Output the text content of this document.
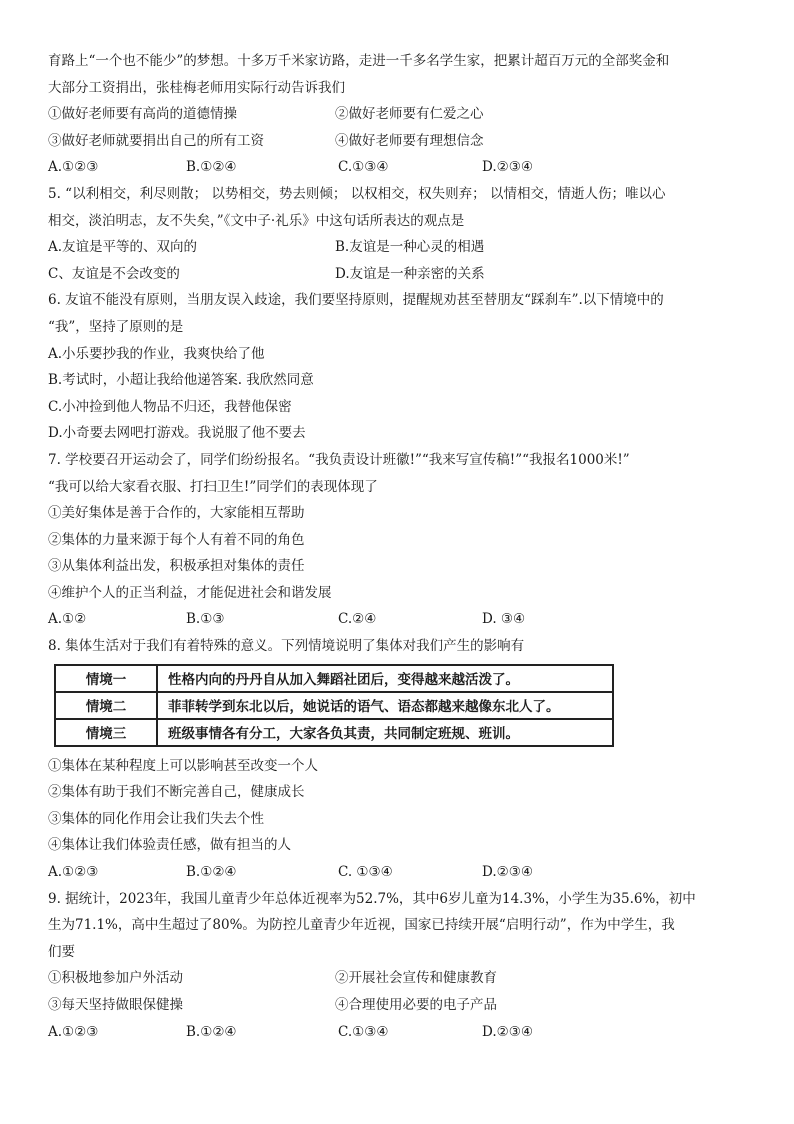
育路上“一个也不能少”的梦想。十多万千米家访路，走进一千多名学生家，把累计超百万元的全部奖金和
大部分工资捐出，张桂梅老师用实际行动告诉我们
①做好老师要有高尚的道德情操	②做好老师要有仁爱之心
③做好老师就要捐出自己的所有工资	④做好老师要有理想信念
A.①②③	B.①②④	C.①③④	D.②③④
5. “以利相交，利尽则散； 以势相交，势去则倾； 以权相交，权失则弃； 以情相交，情逝人伤；唯以心
相交，淡泊明志，友不失矣，”《文中子·礼乐》中这句话所表达的观点是
A.友谊是平等的、双向的	B.友谊是一种心灵的相遇
C、友谊是不会改变的	D.友谊是一种亲密的关系
6. 友谊不能没有原则，当朋友误入歧途，我们要坚持原则，提醒规劝甚至替朋友“踩刹车”.以下情境中的
“我”，坚持了原则的是
A.小乐要抄我的作业，我爽快给了他
B.考试时，小超让我给他递答案. 我欣然同意
C.小冲捡到他人物品不归还，我替他保密
D.小奇要去网吧打游戏。我说服了他不要去
7. 学校要召开运动会了，同学们纷纷报名。“我负责设计班徽!”“我来写宣传稿!”“我报名1000米!”
“我可以给大家看衣服、打扫卫生!”同学们的表现体现了
①美好集体是善于合作的，大家能相互帮助
②集体的力量来源于每个人有着不同的角色
③从集体利益出发，积极承担对集体的责任
④维护个人的正当利益，才能促进社会和谐发展
A.①②	B.①③	C.②④	D. ③④
8. 集体生活对于我们有着特殊的意义。下列情境说明了集体对我们产生的影响有
情境一	性格内向的丹丹自从加入舞蹈社团后，变得越来越活泼了。
情境二	菲菲转学到东北以后，她说话的语气、语态都越来越像东北人了。
情境三	班级事情各有分工，大家各负其责，共同制定班规、班训。
①集体在某种程度上可以影响甚至改变一个人
②集体有助于我们不断完善自己，健康成长
③集体的同化作用会让我们失去个性
④集体让我们体验责任感，做有担当的人
A.①②③	B.①②④	C. ①③④	D.②③④
9. 据统计，2023年，我国儿童青少年总体近视率为52.7%，其中6岁儿童为14.3%，小学生为35.6%，初中
生为71.1%，高中生超过了80%。为防控儿童青少年近视，国家已持续开展“启明行动”，作为中学生，我
们要
①积极地参加户外活动	②开展社会宣传和健康教育
③每天坚持做眼保健操	④合理使用必要的电子产品
A.①②③	B.①②④	C.①③④	D.②③④
